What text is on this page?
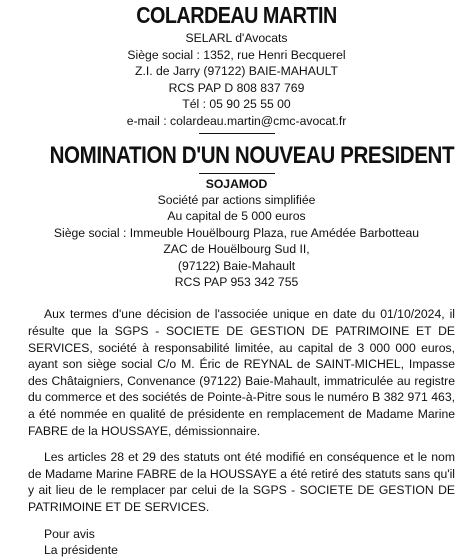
COLARDEAU MARTIN
SELARL d'Avocats
Siège social : 1352, rue Henri Becquerel
Z.I. de Jarry (97122) BAIE-MAHAULT
RCS PAP D 808 837 769
Tél : 05 90 25 55 00
e-mail : colardeau.martin@cmc-avocat.fr
NOMINATION D'UN NOUVEAU PRESIDENT
SOJAMOD
Société par actions simplifiée
Au capital de 5 000 euros
Siège social : Immeuble Houëlbourg Plaza, rue Amédée Barbotteau
ZAC de Houëlbourg Sud II,
(97122) Baie-Mahault
RCS PAP 953 342 755

Aux termes d'une décision de l'associée unique en date du 01/10/2024, il résulte que la SGPS - SOCIETE DE GESTION DE PATRIMOINE ET DE SERVICES, société à responsabilité limitée, au capital de 3 000 000 euros, ayant son siège social C/o M. Éric de REYNAL de SAINT-MICHEL, Impasse des Châtaigniers, Convenance (97122) Baie-Mahault, immatriculée au registre du commerce et des sociétés de Pointe-à-Pitre sous le numéro B 382 971 463, a été nommée en qualité de présidente en remplacement de Madame Marine FABRE de la HOUSSAYE, démissionnaire.

Les articles 28 et 29 des statuts ont été modifié en conséquence et le nom de Madame Marine FABRE de la HOUSSAYE a été retiré des statuts sans qu'il y ait lieu de le remplacer par celui de la SGPS - SOCIETE DE GESTION DE PATRIMOINE ET DE SERVICES.

Pour avis
La présidente
